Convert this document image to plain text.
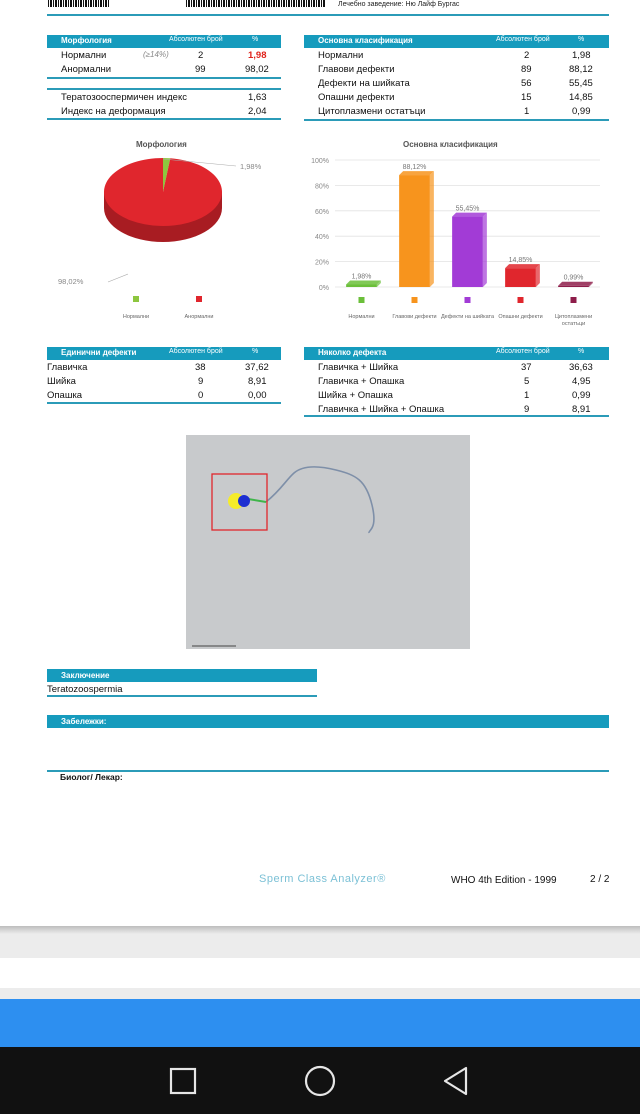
Лечебно заведение: Ню Лайф Бургас
Морфология	Абсолютен брой	%
Нормални	(≥14%)	2	1,98
Анормални	99	98,02
Тератозооспермичен индекс	1,63
Индекс на деформация	2,04
Основна класификация	Абсолютен брой	%
Нормални	2	1,98
Главови дефекти	89	88,12
Дефекти на шийката	56	55,45
Опашни дефекти	15	14,85
Цитоплазмени остатъци	1	0,99
Морфология
1,98%
98,02%
Нормални	Анормални
Основна класификация
0%
20%
40%
60%
80%
100%
1,98%
Нормални
88,12%
Главови дефекти
55,45%
Дефекти на шийката
14,85%
Опашни дефекти
0,99%
Цитоплазмени
остатъци
Единични дефекти	Абсолютен брой	%
Главичка	38	37,62
Шийка	9	8,91
Опашка	0	0,00
Няколко дефекта	Абсолютен брой	%
Главичка + Шийка	37	36,63
Главичка + Опашка	5	4,95
Шийка + Опашка	1	0,99
Главичка + Шийка + Опашка	9	8,91
Заключение
Teratozoospermia
Забележки:
Биолог/ Лекар:
Sperm Class Analyzer®	WHO 4th Edition - 1999	2 / 2
